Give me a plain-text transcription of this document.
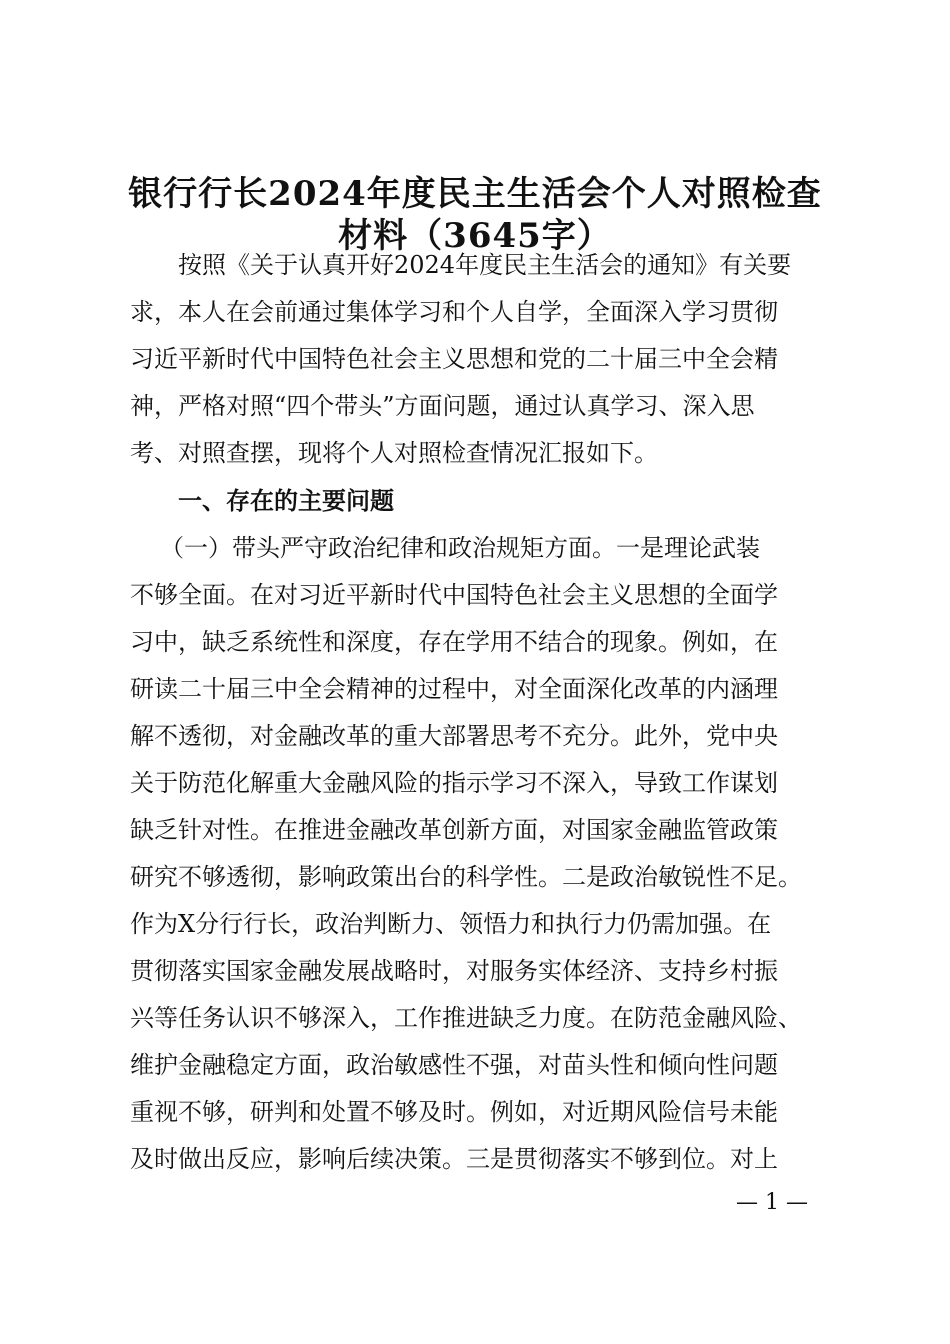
银行行长2024年度民主生活会个人对照检查
材料（3645字）

按照《关于认真开好2024年度民主生活会的通知》有关要

求，本人在会前通过集体学习和个人自学，全面深入学习贯彻

习近平新时代中国特色社会主义思想和党的二十届三中全会精

神，严格对照“四个带头”方面问题，通过认真学习、深入思

考、对照查摆，现将个人对照检查情况汇报如下。

一、存在的主要问题

（一）带头严守政治纪律和政治规矩方面。一是理论武装

不够全面。在对习近平新时代中国特色社会主义思想的全面学

习中，缺乏系统性和深度，存在学用不结合的现象。例如，在

研读二十届三中全会精神的过程中，对全面深化改革的内涵理

解不透彻，对金融改革的重大部署思考不充分。此外，党中央

关于防范化解重大金融风险的指示学习不深入，导致工作谋划

缺乏针对性。在推进金融改革创新方面，对国家金融监管政策

研究不够透彻，影响政策出台的科学性。二是政治敏锐性不足。

作为X分行行长，政治判断力、领悟力和执行力仍需加强。在

贯彻落实国家金融发展战略时，对服务实体经济、支持乡村振

兴等任务认识不够深入，工作推进缺乏力度。在防范金融风险、

维护金融稳定方面，政治敏感性不强，对苗头性和倾向性问题

重视不够，研判和处置不够及时。例如，对近期风险信号未能

及时做出反应，影响后续决策。三是贯彻落实不够到位。对上

— 1 —
